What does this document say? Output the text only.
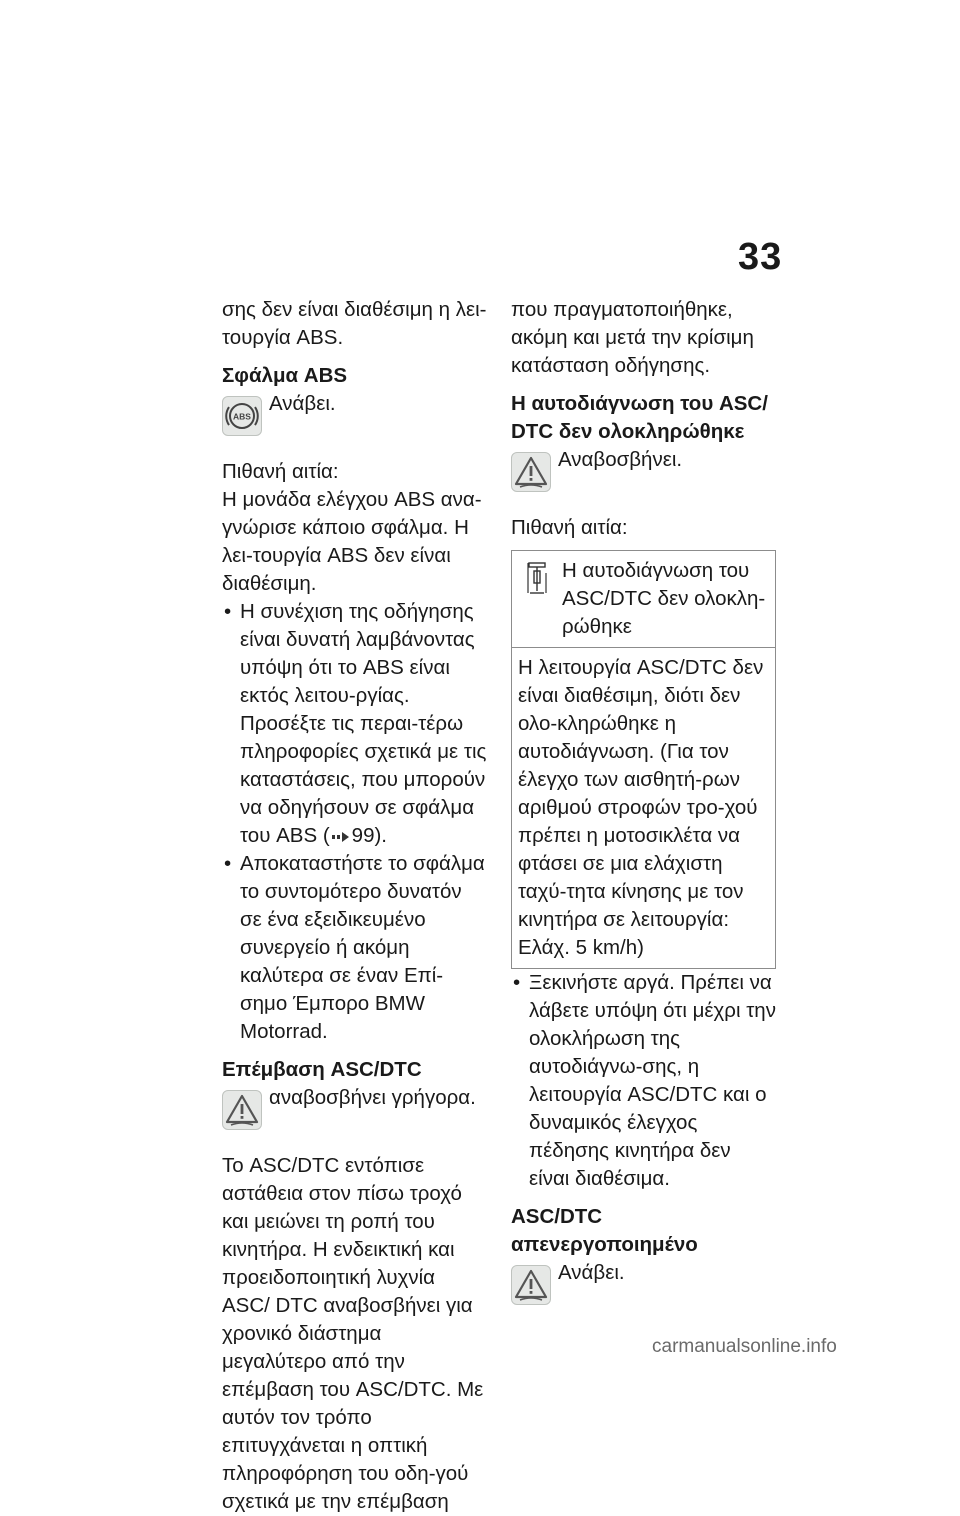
33

σης δεν είναι διαθέσιμη η λει-τουργία ABS.

Σφάλμα ABS
ABS
Ανάβει.

Πιθανή αιτία:

Η μονάδα ελέγχου ABS ανα-γνώρισε κάποιο σφάλμα. Η λει-τουργία ABS δεν είναι διαθέσιμη.

• Η συνέχιση της οδήγησης είναι δυνατή λαμβάνοντας υπόψη ότι το ABS είναι εκτός λειτου-ργίας. Προσέξτε τις περαι-τέρω πληροφορίες σχετικά με τις καταστάσεις, που μπορούν να οδηγήσουν σε σφάλμα του ABS ( 99).
• Αποκαταστήστε το σφάλμα το συντομότερο δυνατόν σε ένα εξειδικευμένο συνεργείο ή ακόμη καλύτερα σε έναν Επί-σημο Έμπορο BMW Motorrad.
Επέμβαση ASC/DTC
αναβοσβήνει γρήγορα.

Το ASC/DTC εντόπισε αστάθεια στον πίσω τροχό και μειώνει τη ροπή του κινητήρα. Η ενδεικτική και προειδοποιητική λυχνία ASC/ DTC αναβοσβήνει για χρονικό διάστημα μεγαλύτερο από την επέμβαση του ASC/DTC. Με αυτόν τον τρόπο επιτυγχάνεται η οπτική πληροφόρηση του οδη-γού σχετικά με την επέμβαση

που πραγματοποιήθηκε, ακόμη και μετά την κρίσιμη κατάσταση οδήγησης.

Η αυτοδιάγνωση του ASC/ DTC δεν ολοκληρώθηκε
Αναβοσβήνει.

Πιθανή αιτία:

Η αυτοδιάγνωση του ASC/DTC δεν ολοκλη-ρώθηκε
Η λειτουργία ASC/DTC δεν είναι διαθέσιμη, διότι δεν ολο-κληρώθηκε η αυτοδιάγνωση. (Για τον έλεγχο των αισθητή-ρων αριθμού στροφών τρο-χού πρέπει η μοτοσικλέτα να φτάσει σε μια ελάχιστη ταχύ-τητα κίνησης με τον κινητήρα σε λειτουργία: Ελάχ. 5 km/h)
• Ξεκινήστε αργά. Πρέπει να λάβετε υπόψη ότι μέχρι την ολοκλήρωση της αυτοδιάγνω-σης, η λειτουργία ASC/DTC και ο δυναμικός έλεγχος πέδησης κινητήρα δεν είναι διαθέσιμα.
ASC/DTC απενεργοποιημένο
Ανάβει.
carmanualsonline.info
